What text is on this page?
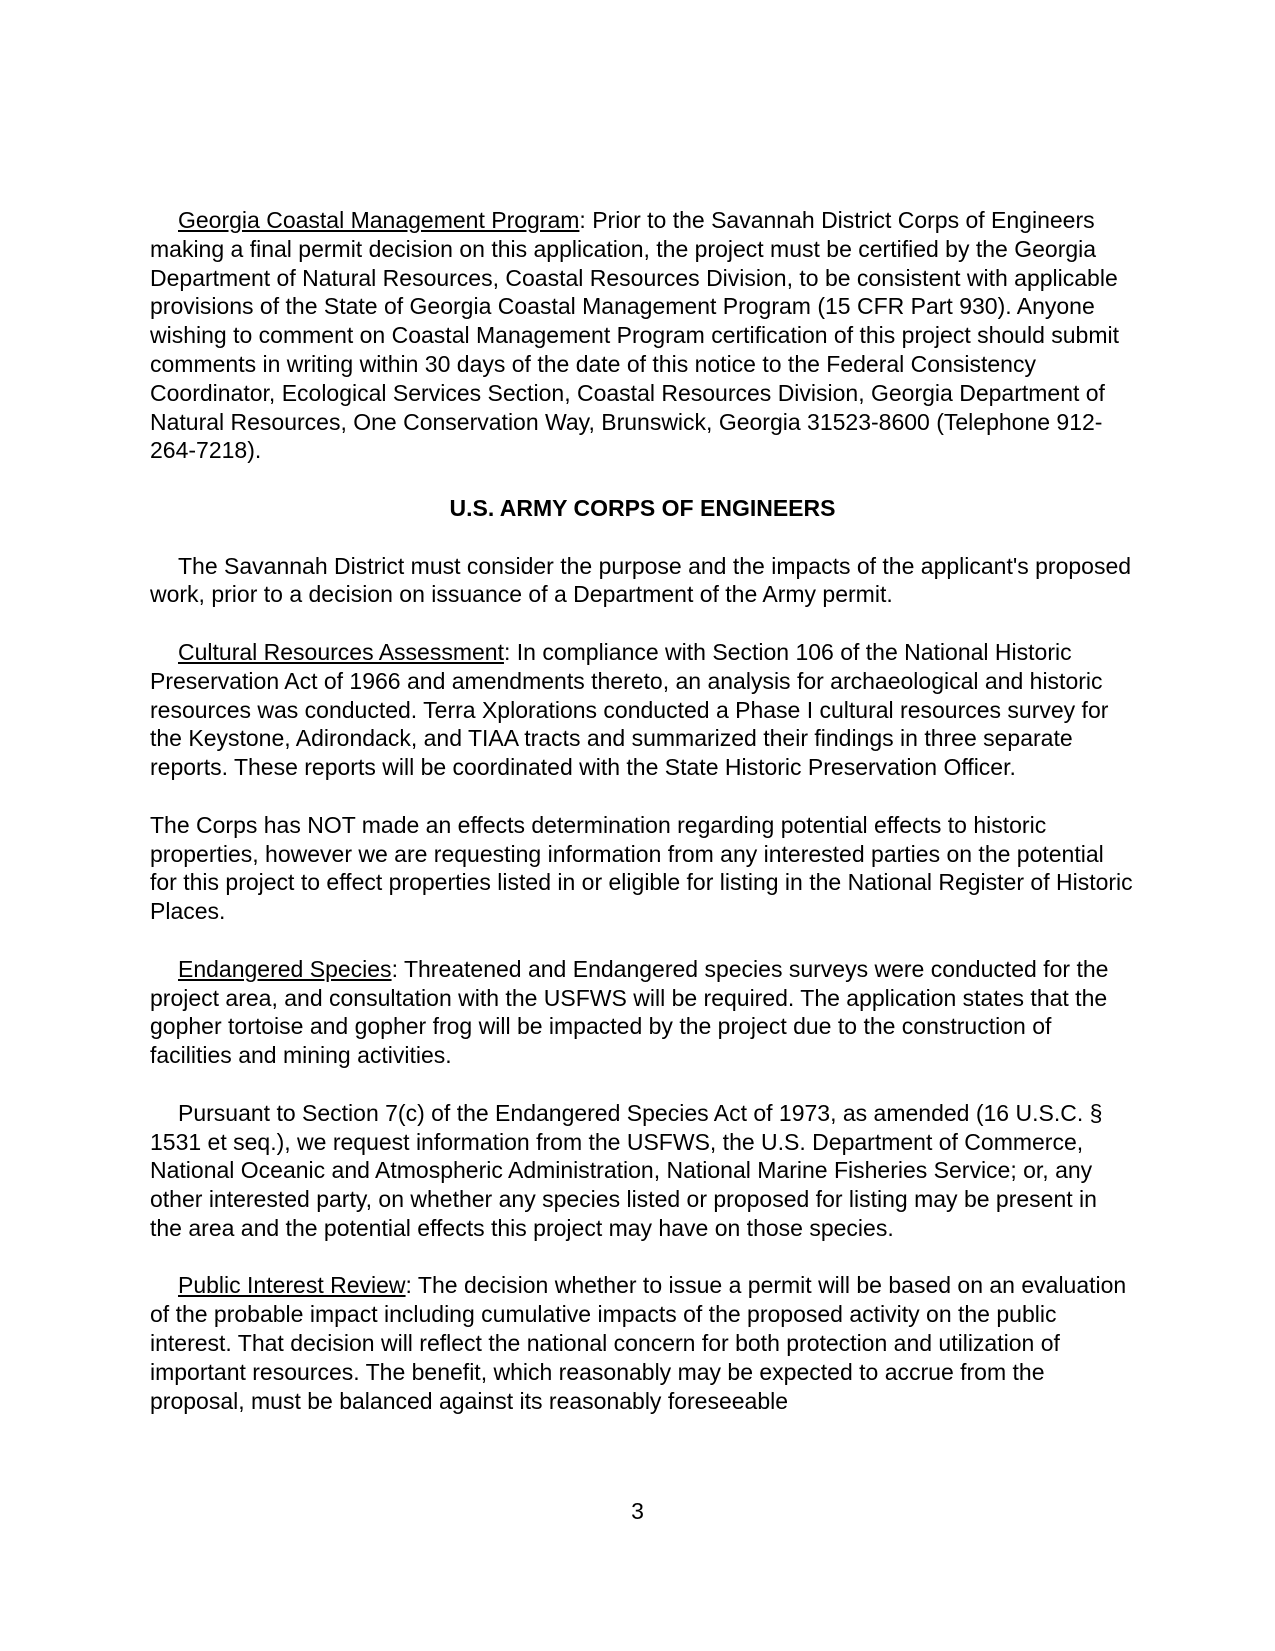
Georgia Coastal Management Program: Prior to the Savannah District Corps of Engineers making a final permit decision on this application, the project must be certified by the Georgia Department of Natural Resources, Coastal Resources Division, to be consistent with applicable provisions of the State of Georgia Coastal Management Program (15 CFR Part 930). Anyone wishing to comment on Coastal Management Program certification of this project should submit comments in writing within 30 days of the date of this notice to the Federal Consistency Coordinator, Ecological Services Section, Coastal Resources Division, Georgia Department of Natural Resources, One Conservation Way, Brunswick, Georgia 31523-8600 (Telephone 912-264-7218).

U.S. ARMY CORPS OF ENGINEERS

The Savannah District must consider the purpose and the impacts of the applicant's proposed work, prior to a decision on issuance of a Department of the Army permit.

Cultural Resources Assessment: In compliance with Section 106 of the National Historic Preservation Act of 1966 and amendments thereto, an analysis for archaeological and historic resources was conducted. Terra Xplorations conducted a Phase I cultural resources survey for the Keystone, Adirondack, and TIAA tracts and summarized their findings in three separate reports. These reports will be coordinated with the State Historic Preservation Officer.

The Corps has NOT made an effects determination regarding potential effects to historic properties, however we are requesting information from any interested parties on the potential for this project to effect properties listed in or eligible for listing in the National Register of Historic Places.

Endangered Species: Threatened and Endangered species surveys were conducted for the project area, and consultation with the USFWS will be required. The application states that the gopher tortoise and gopher frog will be impacted by the project due to the construction of facilities and mining activities.

Pursuant to Section 7(c) of the Endangered Species Act of 1973, as amended (16 U.S.C. § 1531 et seq.), we request information from the USFWS, the U.S. Department of Commerce, National Oceanic and Atmospheric Administration, National Marine Fisheries Service; or, any other interested party, on whether any species listed or proposed for listing may be present in the area and the potential effects this project may have on those species.

Public Interest Review: The decision whether to issue a permit will be based on an evaluation of the probable impact including cumulative impacts of the proposed activity on the public interest. That decision will reflect the national concern for both protection and utilization of important resources. The benefit, which reasonably may be expected to accrue from the proposal, must be balanced against its reasonably foreseeable

3
